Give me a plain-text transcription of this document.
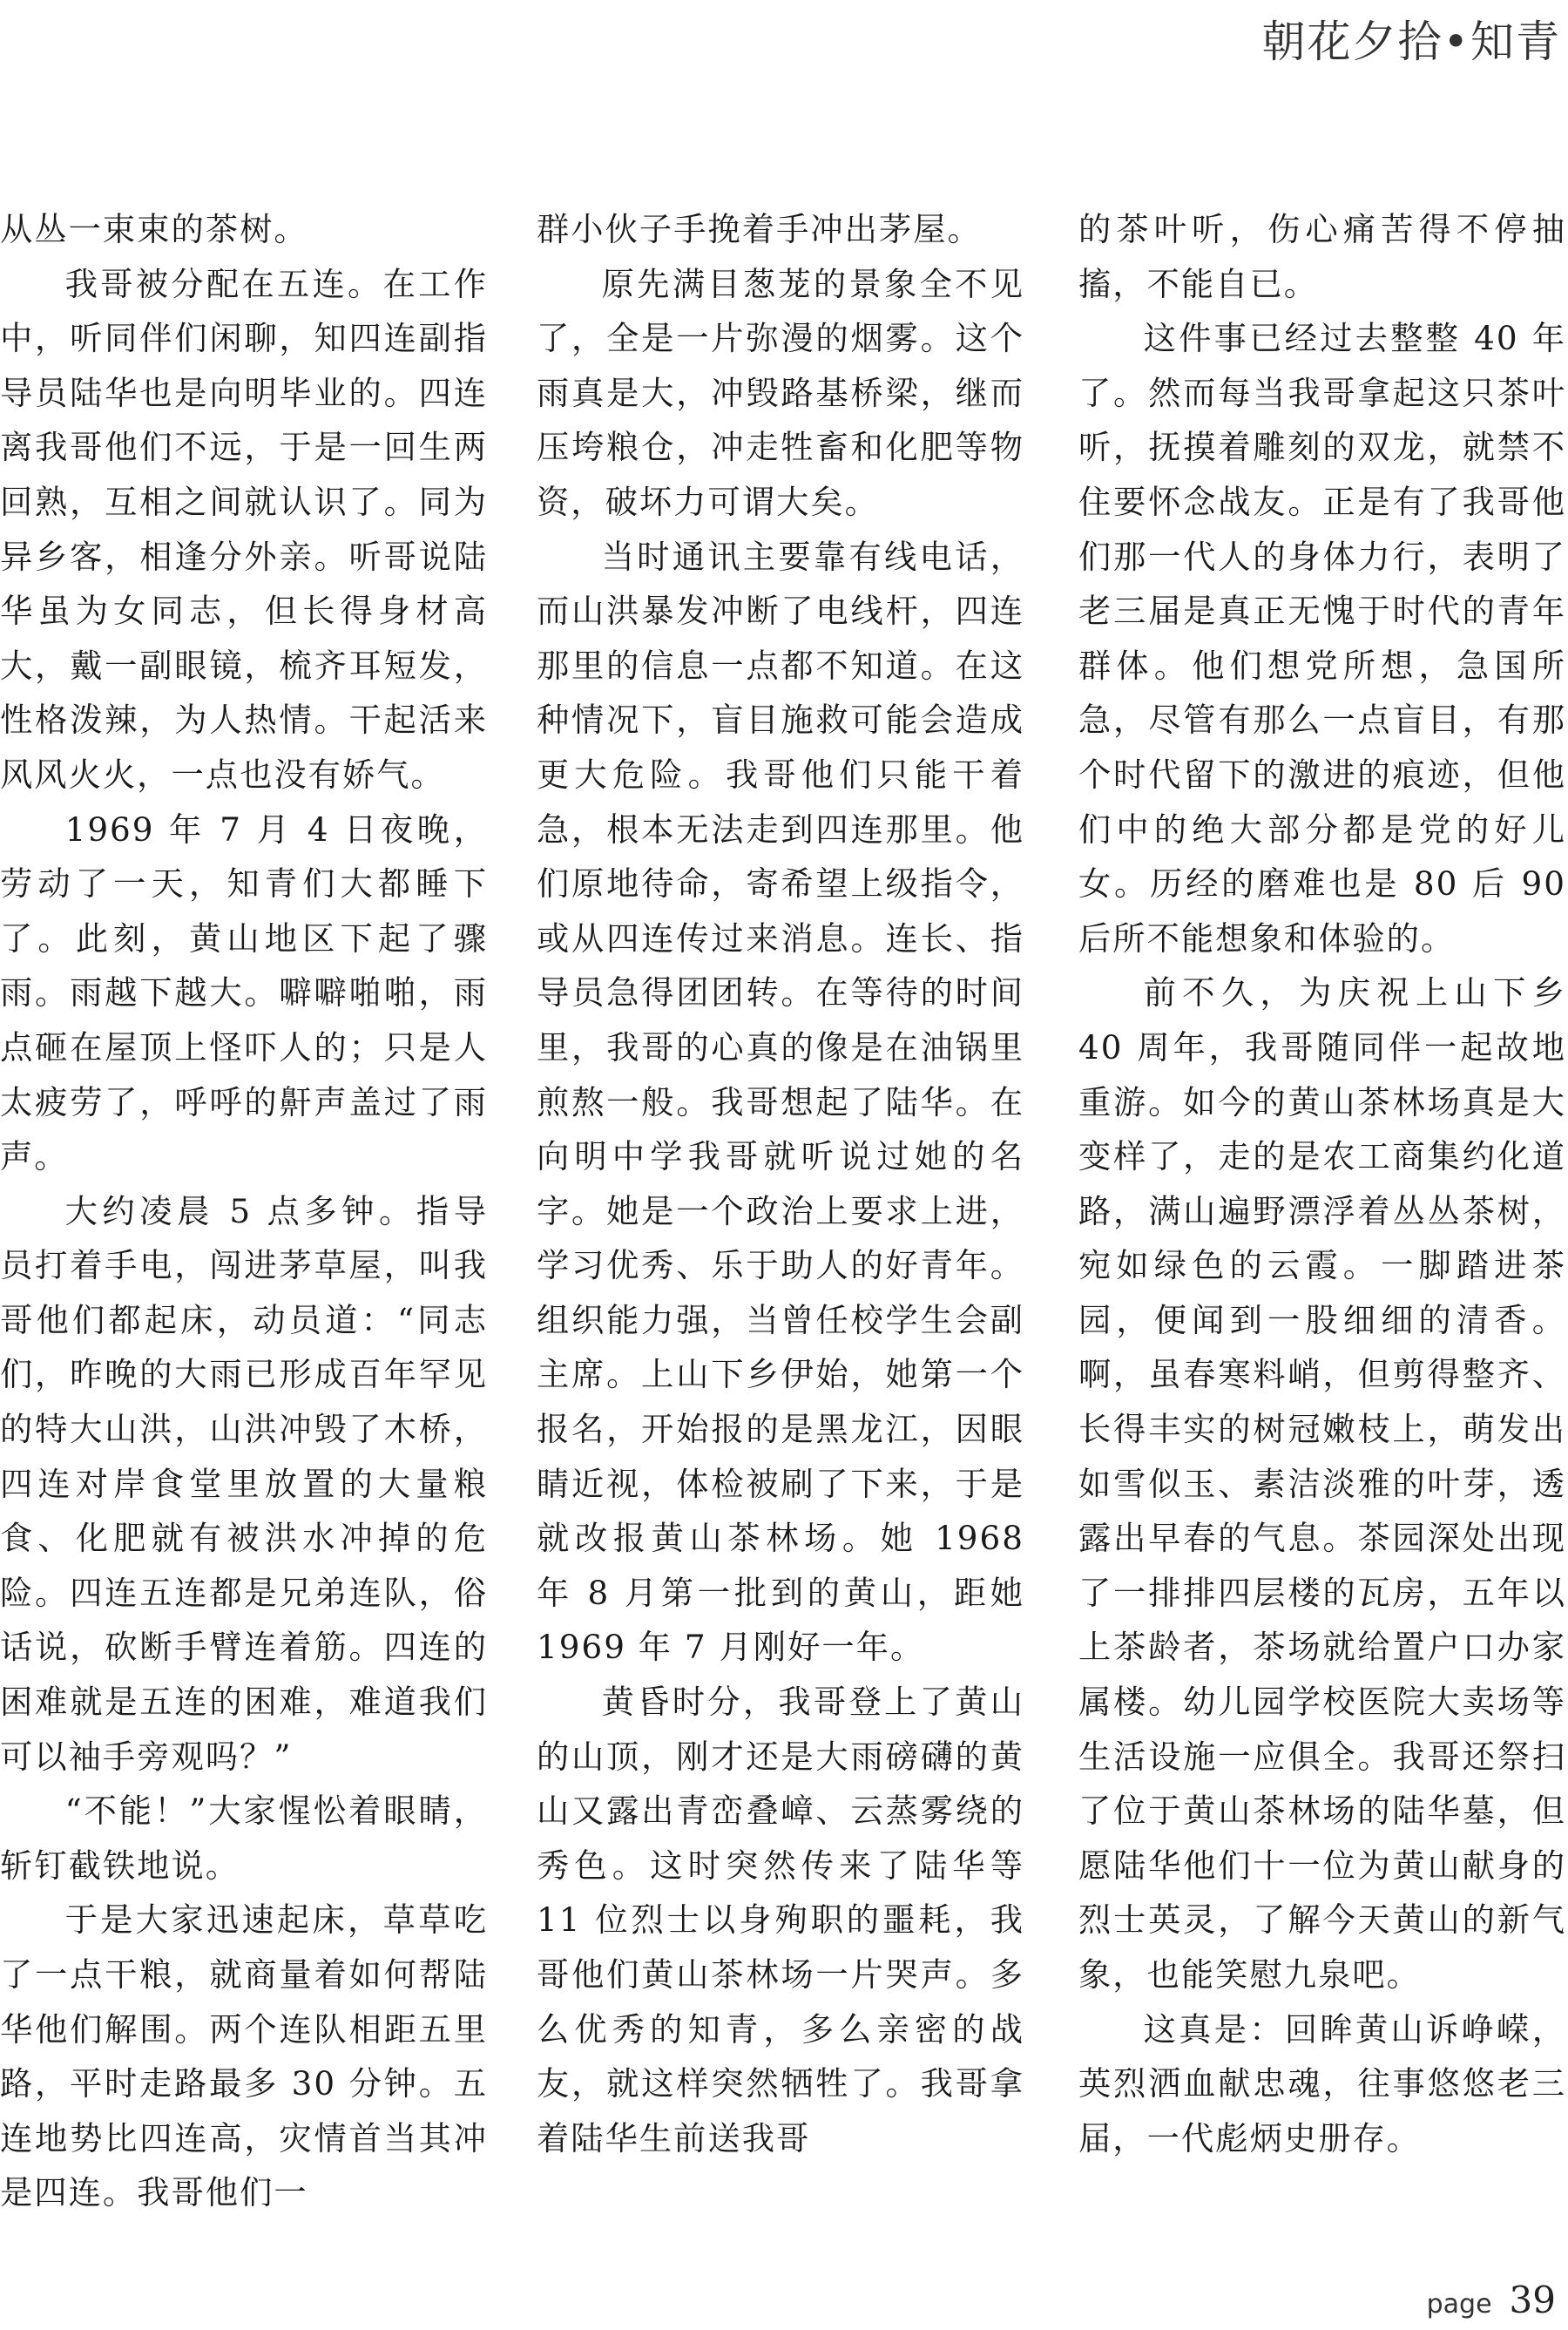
朝花夕拾•知青

从丛一束束的茶树。

我哥被分配在五连。在工作中，听同伴们闲聊，知四连副指导员陆华也是向明毕业的。四连离我哥他们不远，于是一回生两回熟，互相之间就认识了。同为异乡客，相逢分外亲。听哥说陆华虽为女同志，但长得身材高大，戴一副眼镜，梳齐耳短发，性格泼辣，为人热情。干起活来风风火火，一点也没有娇气。

1969 年 7 月 4 日夜晚，劳动了一天，知青们大都睡下了。此刻，黄山地区下起了骤雨。雨越下越大。噼噼啪啪，雨点砸在屋顶上怪吓人的；只是人太疲劳了，呼呼的鼾声盖过了雨声。

大约凌晨 5 点多钟。指导员打着手电，闯进茅草屋，叫我哥他们都起床，动员道：“同志们，昨晚的大雨已形成百年罕见的特大山洪，山洪冲毁了木桥，四连对岸食堂里放置的大量粮食、化肥就有被洪水冲掉的危险。四连五连都是兄弟连队，俗话说，砍断手臂连着筋。四连的困难就是五连的困难，难道我们可以袖手旁观吗？”

“不能！”大家惺忪着眼睛，斩钉截铁地说。

于是大家迅速起床，草草吃了一点干粮，就商量着如何帮陆华他们解围。两个连队相距五里路，平时走路最多 30 分钟。五连地势比四连高，灾情首当其冲是四连。我哥他们一

群小伙子手挽着手冲出茅屋。

原先满目葱茏的景象全不见了，全是一片弥漫的烟雾。这个雨真是大，冲毁路基桥梁，继而压垮粮仓，冲走牲畜和化肥等物资，破坏力可谓大矣。

当时通讯主要靠有线电话，而山洪暴发冲断了电线杆，四连那里的信息一点都不知道。在这种情况下，盲目施救可能会造成更大危险。我哥他们只能干着急，根本无法走到四连那里。他们原地待命，寄希望上级指令，或从四连传过来消息。连长、指导员急得团团转。在等待的时间里，我哥的心真的像是在油锅里煎熬一般。我哥想起了陆华。在向明中学我哥就听说过她的名字。她是一个政治上要求上进，学习优秀、乐于助人的好青年。组织能力强，当曾任校学生会副主席。上山下乡伊始，她第一个报名，开始报的是黑龙江，因眼睛近视，体检被刷了下来，于是就改报黄山茶林场。她 1968 年 8 月第一批到的黄山，距她 1969 年 7 月刚好一年。

黄昏时分，我哥登上了黄山的山顶，刚才还是大雨磅礴的黄山又露出青峦叠嶂、云蒸雾绕的秀色。这时突然传来了陆华等 11 位烈士以身殉职的噩耗，我哥他们黄山茶林场一片哭声。多么优秀的知青，多么亲密的战友，就这样突然牺牲了。我哥拿着陆华生前送我哥

的茶叶听，伤心痛苦得不停抽搐，不能自已。

这件事已经过去整整 40 年了。然而每当我哥拿起这只茶叶听，抚摸着雕刻的双龙，就禁不住要怀念战友。正是有了我哥他们那一代人的身体力行，表明了老三届是真正无愧于时代的青年群体。他们想党所想，急国所急，尽管有那么一点盲目，有那个时代留下的激进的痕迹，但他们中的绝大部分都是党的好儿女。历经的磨难也是 80 后 90 后所不能想象和体验的。

前不久，为庆祝上山下乡 40 周年，我哥随同伴一起故地重游。如今的黄山茶林场真是大变样了，走的是农工商集约化道路，满山遍野漂浮着丛丛茶树，宛如绿色的云霞。一脚踏进茶园，便闻到一股细细的清香。啊，虽春寒料峭，但剪得整齐、长得丰实的树冠嫩枝上，萌发出如雪似玉、素洁淡雅的叶芽，透露出早春的气息。茶园深处出现了一排排四层楼的瓦房，五年以上茶龄者，茶场就给置户口办家属楼。幼儿园学校医院大卖场等生活设施一应俱全。我哥还祭扫了位于黄山茶林场的陆华墓，但愿陆华他们十一位为黄山献身的烈士英灵，了解今天黄山的新气象，也能笑慰九泉吧。

这真是：回眸黄山诉峥嵘，英烈洒血献忠魂，往事悠悠老三届，一代彪炳史册存。

page 39
